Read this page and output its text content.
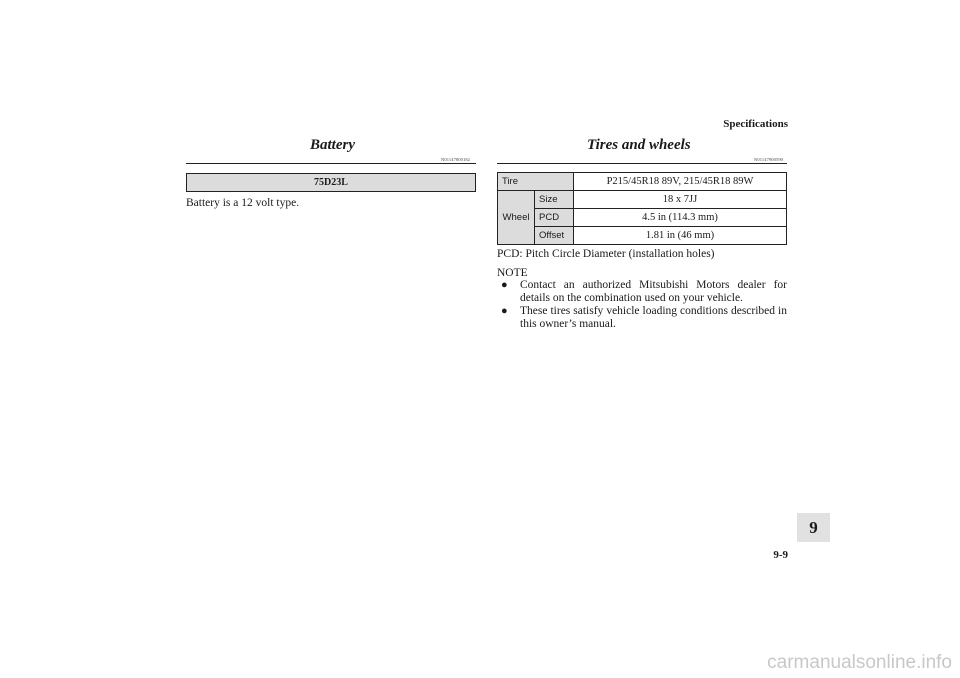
Specifications
Battery
N01147800182
75D23L
Battery is a 12 volt type.
Tires and wheels
N01147900590
Tire		P215/45R18 89V, 215/45R18 89W
Wheel	Size	18 x 7JJ
	PCD	4.5 in (114.3 mm)
	Offset	1.81 in (46 mm)
PCD: Pitch Circle Diameter (installation holes)
NOTE
● Contact an authorized Mitsubishi Motors dealer for details on the combination used on your vehicle.
● These tires satisfy vehicle loading conditions described in this owner’s manual.
9
9-9
carmanualsonline.info
